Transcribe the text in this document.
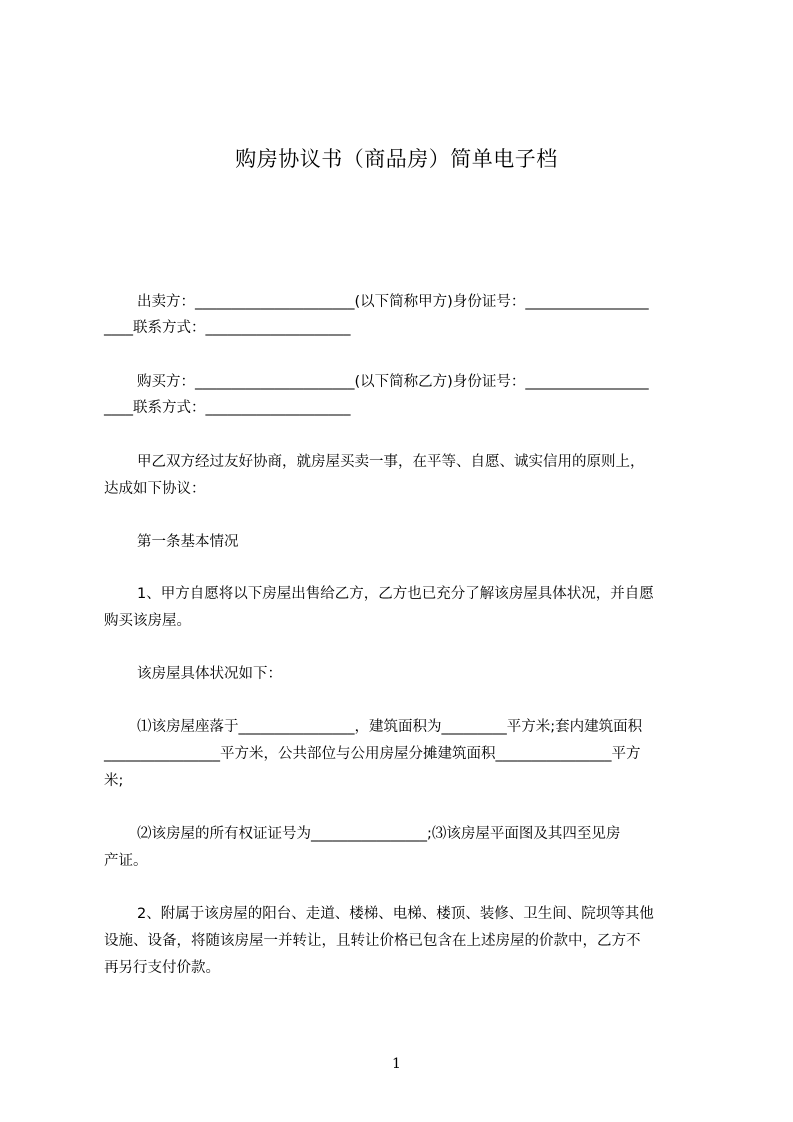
购房协议书（商品房）简单电子档
出卖方：______________________(以下简称甲方)身份证号：_________________
____联系方式：____________________
购买方：______________________(以下简称乙方)身份证号：_________________
____联系方式：____________________
甲乙双方经过友好协商，就房屋买卖一事，在平等、自愿、诚实信用的原则上，
达成如下协议：
第一条基本情况
1、甲方自愿将以下房屋出售给乙方，乙方也已充分了解该房屋具体状况，并自愿
购买该房屋。
该房屋具体状况如下：
⑴该房屋座落于________________，建筑面积为_________平方米;套内建筑面积
________________平方米，公共部位与公用房屋分摊建筑面积________________平方
米;
⑵该房屋的所有权证证号为________________;⑶该房屋平面图及其四至见房
产证。
2、附属于该房屋的阳台、走道、楼梯、电梯、楼顶、装修、卫生间、院坝等其他
设施、设备，将随该房屋一并转让，且转让价格已包含在上述房屋的价款中，乙方不
再另行支付价款。
1
